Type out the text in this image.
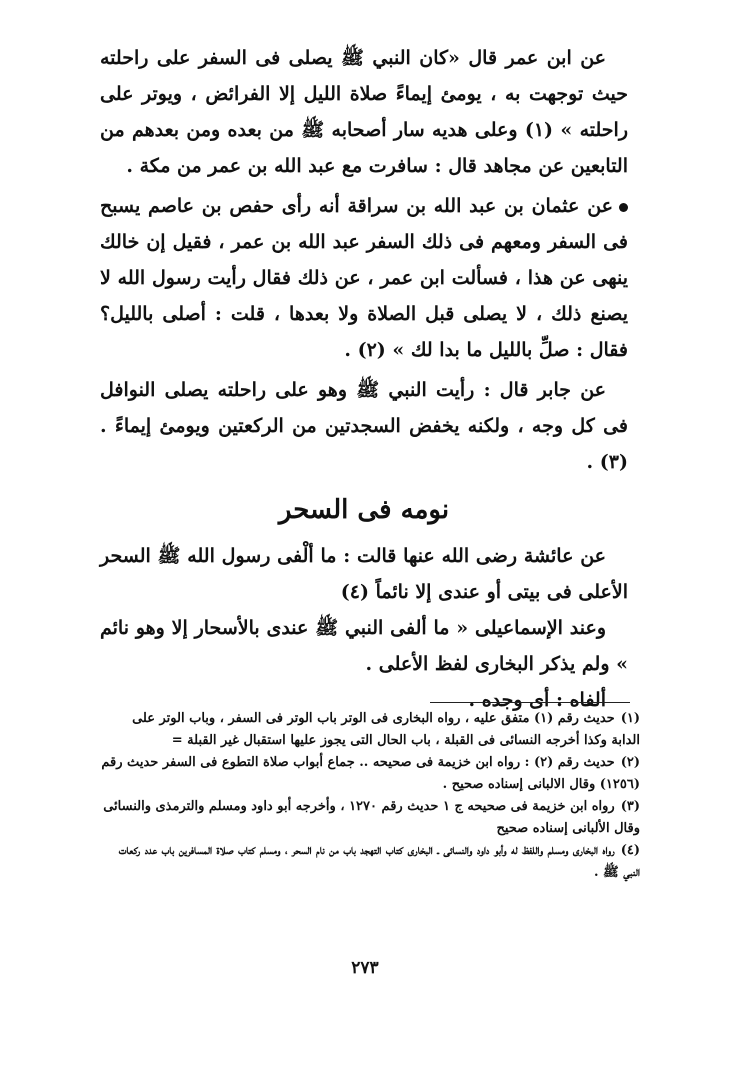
عن ابن عمر قال «كان النبي ﷺ يصلى فى السفر على راحلته حيث توجهت به ، يومئ إيماءً صلاة الليل إلا الفرائض ، ويوتر على راحلته » (١) وعلى هديه سار أصحابه ﷺ من بعده ومن بعدهم من التابعين عن مجاهد قال : سافرت مع عبد الله بن عمر من مكة .

عن عثمان بن عبد الله بن سراقة أنه رأى حفص بن عاصم يسبح فى السفر ومعهم فى ذلك السفر عبد الله بن عمر ، فقيل إن خالك ينهى عن هذا ، فسألت ابن عمر ، عن ذلك فقال رأيت رسول الله لا يصنع ذلك ، لا يصلى قبل الصلاة ولا بعدها ، قلت : أصلى بالليل؟ فقال : صلِّ بالليل ما بدا لك » (٢) .

عن جابر قال : رأيت النبي ﷺ وهو على راحلته يصلى النوافل فى كل وجه ، ولكنه يخفض السجدتين من الركعتين ويومئ إيماءً . (٣) .

نومه فى السحر

عن عائشة رضى الله عنها قالت : ما ألْفى رسول الله ﷺ السحر الأعلى فى بيتى أو عندى إلا نائماً (٤)

وعند الإسماعيلى « ما ألفى النبي ﷺ عندى بالأسحار إلا وهو نائم » ولم يذكر البخارى لفظ الأعلى .

ألفاه : أى وجده .

(١)حديث رقم (١) متفق عليه ، رواه البخارى فى الوتر باب الوتر فى السفر ، وباب الوتر على الدابة وكذا أخرجه النسائى فى القبلة ، باب الحال التى يجوز عليها استقبال غير القبلة =

(٢)حديث رقم (٢) : رواه ابن خزيمة فى صحيحه .. جماع أبواب صلاة التطوع فى السفر حديث رقم (١٢٥٦) وقال الالبانى إسناده صحيح .

(٣)رواه ابن خزيمة فى صحيحه ج ١ حديث رقم ١٢٧٠ ، وأخرجه أبو داود ومسلم والترمذى والنسائى وقال الألبانى إسناده صحيح

(٤)رواه البخارى ومسلم واللفظ له وأبو داود والنسائى ـ البخارى كتاب التهجد باب من نام السحر ، ومسلم كتاب صلاة المسافرين باب عدد ركعات النبي ﷺ .

٢٧٣
